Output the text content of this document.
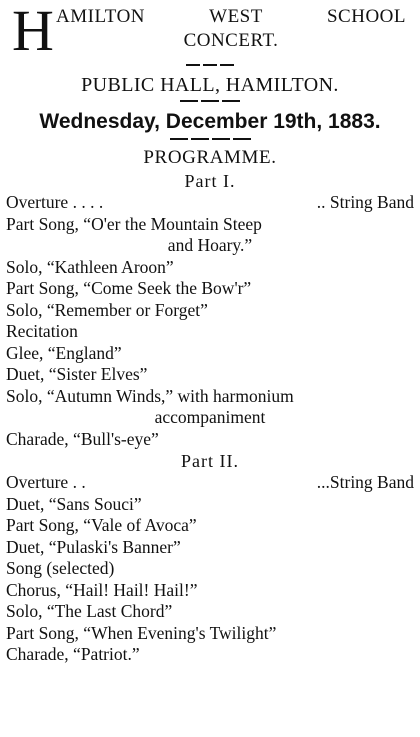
H AMILTON	WEST	SCHOOL
CONCERT.
PUBLIC HALL, HAMILTON.
Wednesday, December 19th, 1883.
PROGRAMME.
Part I.
Overture . . . .	.. String Band
Part Song, “O'er the Mountain Steep
and Hoary.”
Solo, “Kathleen Aroon”
Part Song, “Come Seek the Bow'r”
Solo, “Remember or Forget”
Recitation
Glee, “England”
Duet, “Sister Elves”
Solo, “Autumn Winds,” with harmonium
accompaniment
Charade, “Bull's-eye”
Part II.
Overture . .	...String Band
Duet, “Sans Souci”
Part Song, “Vale of Avoca”
Duet, “Pulaski's Banner”
Song (selected)
Chorus, “Hail! Hail! Hail!”
Solo, “The Last Chord”
Part Song, “When Evening's Twilight”
Charade, “Patriot.”
